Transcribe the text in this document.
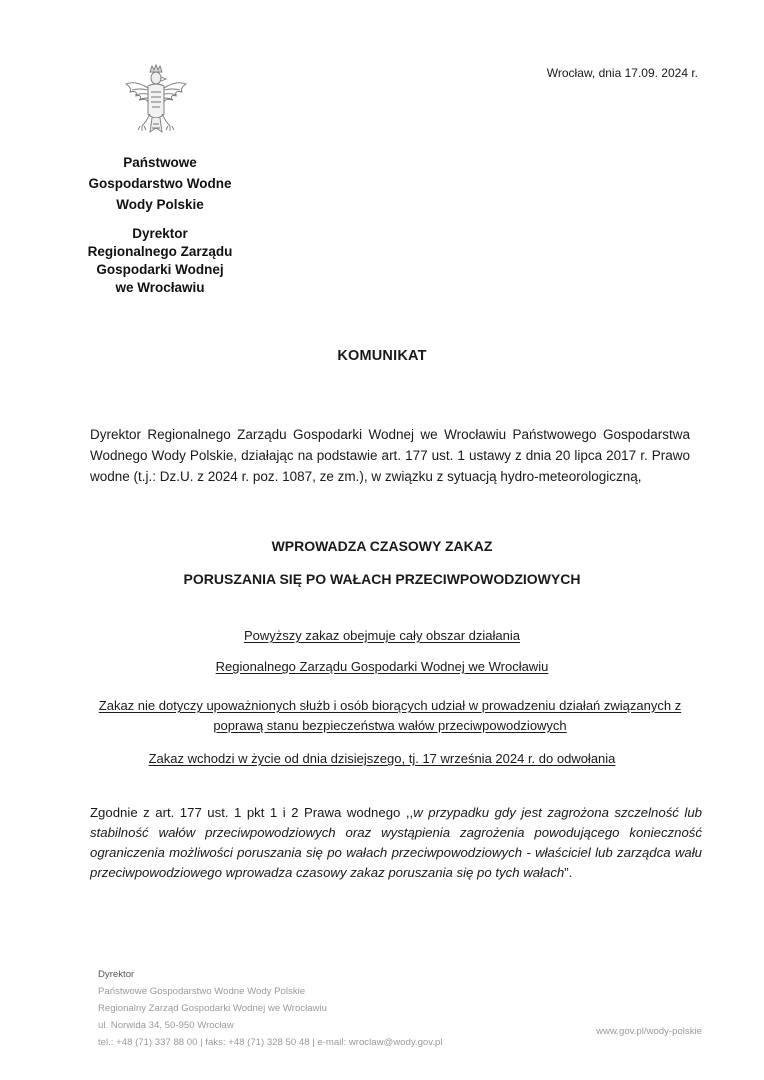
Wrocław, dnia 17.09. 2024 r.
Państwowe
Gospodarstwo Wodne
Wody Polskie
Dyrektor
Regionalnego Zarządu
Gospodarki Wodnej
we Wrocławiu
KOMUNIKAT
Dyrektor Regionalnego Zarządu Gospodarki Wodnej we Wrocławiu Państwowego Gospodarstwa Wodnego Wody Polskie, działając na podstawie art. 177 ust. 1 ustawy z dnia 20 lipca 2017 r. Prawo wodne (t.j.: Dz.U. z 2024 r. poz. 1087, ze zm.), w związku z sytuacją hydro-meteorologiczną,
WPROWADZA CZASOWY ZAKAZ
PORUSZANIA SIĘ PO WAŁACH PRZECIWPOWODZIOWYCH
Powyższy zakaz obejmuje cały obszar działania
Regionalnego Zarządu Gospodarki Wodnej we Wrocławiu
Zakaz nie dotyczy upoważnionych służb i osób biorących udział w prowadzeniu działań związanych z
poprawą stanu bezpieczeństwa wałów przeciwpowodziowych
Zakaz wchodzi w życie od dnia dzisiejszego, tj. 17 września 2024 r. do odwołania
Zgodnie z art. 177 ust. 1 pkt 1 i 2 Prawa wodnego ,,w przypadku gdy jest zagrożona szczelność lub stabilność wałów przeciwpowodziowych oraz wystąpienia zagrożenia powodującego konieczność ograniczenia możliwości poruszania się po wałach przeciwpowodziowych - właściciel lub zarządca wału przeciwpowodziowego wprowadza czasowy zakaz poruszania się po tych wałach”.
Dyrektor
Państwowe Gospodarstwo Wodne Wody Polskie
Regionalny Zarząd Gospodarki Wodnej we Wrocławiu
ul. Norwida 34, 50-950 Wrocław
tel.: +48 (71) 337 88 00 | faks: +48 (71) 328 50 48 | e-mail: wroclaw@wody.gov.pl
www.gov.pl/wody-polskie
